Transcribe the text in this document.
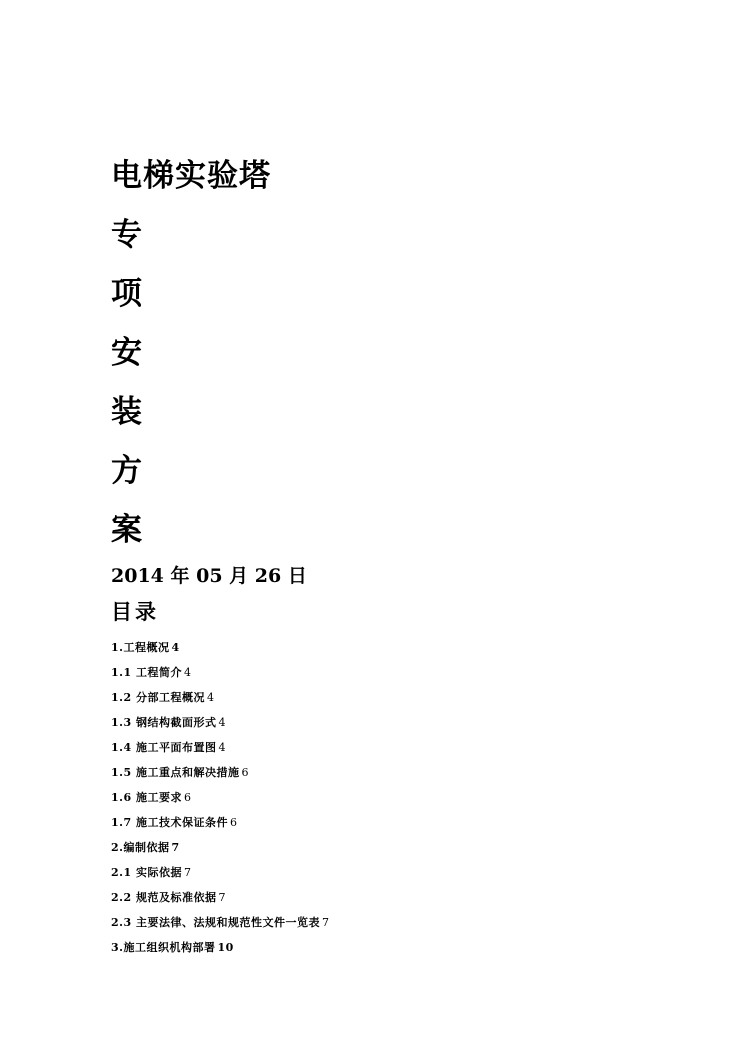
电梯实验塔
专
项
安
装
方
案
2014 年 05 月 26 日
目录
1.工程概况 4
1.1 工程简介 4
1.2 分部工程概况 4
1.3 钢结构截面形式 4
1.4 施工平面布置图 4
1.5 施工重点和解决措施 6
1.6 施工要求 6
1.7 施工技术保证条件 6
2.编制依据 7
2.1 实际依据 7
2.2 规范及标准依据 7
2.3 主要法律、法规和规范性文件一览表 7
3.施工组织机构部署 10
